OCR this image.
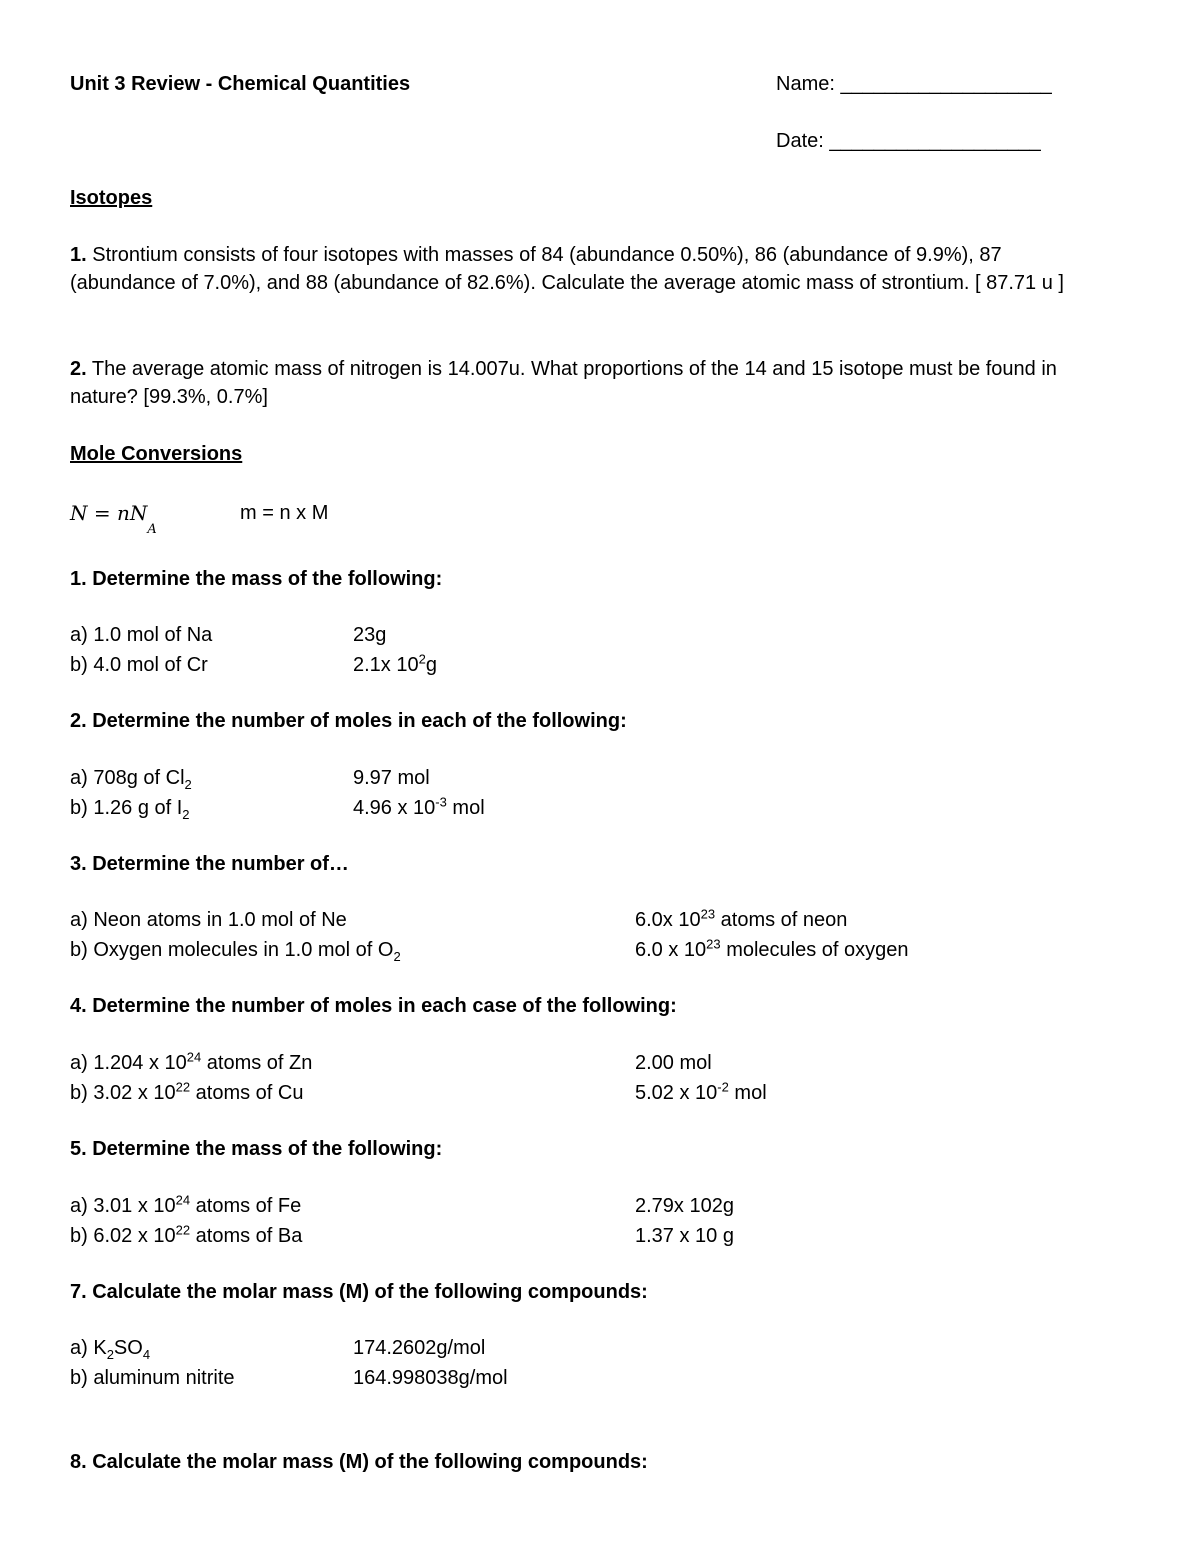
Unit 3 Review - Chemical Quantities	Name: ___________________
Date: ___________________
Isotopes
1. Strontium consists of four isotopes with masses of 84 (abundance 0.50%), 86 (abundance of 9.9%), 87 (abundance of 7.0%), and 88 (abundance of 82.6%). Calculate the average atomic mass of strontium. [ 87.71 u ]
2. The average atomic mass of nitrogen is 14.007u. What proportions of the 14 and 15 isotope must be found in nature? [99.3%, 0.7%]
Mole Conversions
$N = nN_A$
m = n x M
1. Determine the mass of the following:
a) 1.0 mol of Na	23g
b) 4.0 mol of Cr	2.1x $10^2g$
2. Determine the number of moles in each of the following:
a) 708g of $Cl_2$	9.97 mol
b) 1.26 g of $I_2$	4.96 x $10^{-3}$ mol
3. Determine the number of…
a) Neon atoms in 1.0 mol of Ne	6.0x $10^{23}$ atoms of neon
b) Oxygen molecules in 1.0 mol of $O_2$	6.0 x $10^{23}$ molecules of oxygen
4. Determine the number of moles in each case of the following:
a) 1.204 x $10^{24}$ atoms of Zn	2.00 mol
b) 3.02 x $10^{22}$ atoms of Cu	5.02 x $10^{-2}$ mol
5. Determine the mass of the following:
a) 3.01 x $10^{24}$ atoms of Fe	2.79x 102g
b) 6.02 x $10^{22}$ atoms of Ba	1.37 x 10 g
7. Calculate the molar mass (M) of the following compounds:
a) $K_2SO_4$	174.2602g/mol
b) aluminum nitrite	164.998038g/mol
8. Calculate the molar mass (M) of the following compounds:
